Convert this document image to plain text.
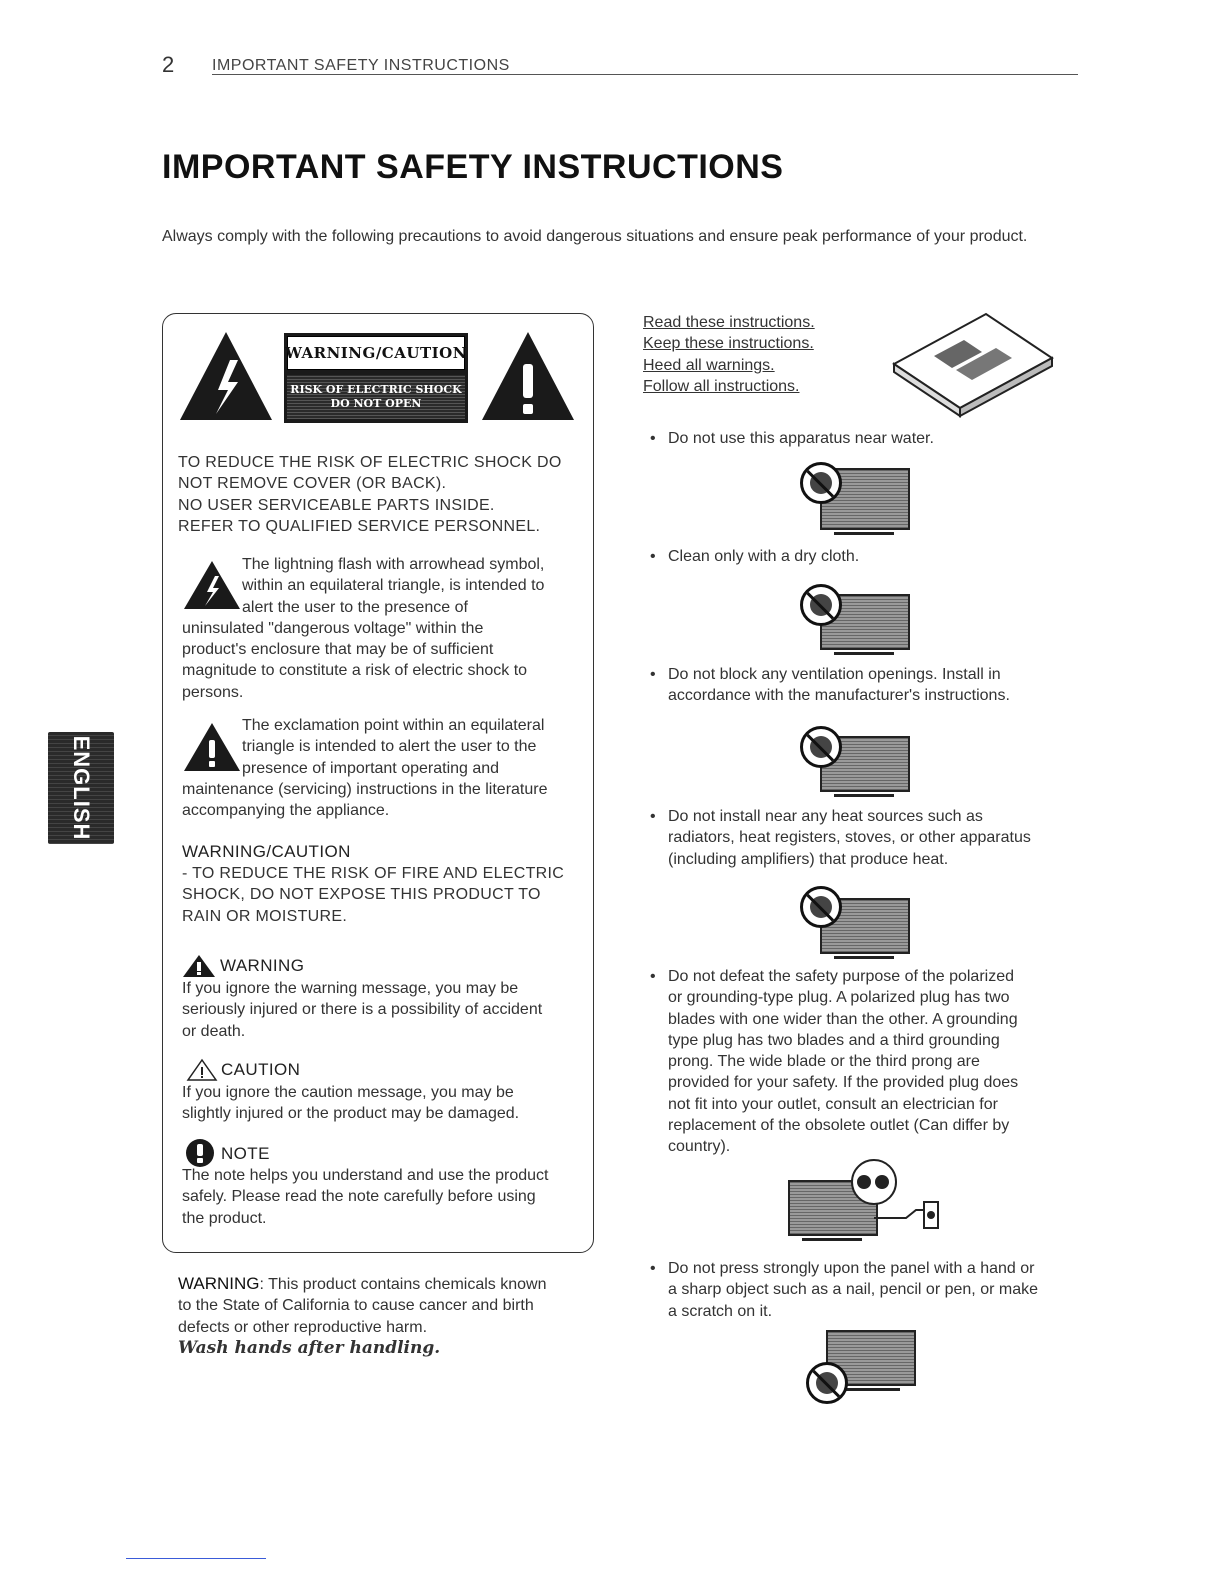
2 IMPORTANT SAFETY INSTRUCTIONS
IMPORTANT SAFETY INSTRUCTIONS
Always comply with the following precautions to avoid dangerous situations and ensure peak performance of your product.
ENGLISH
WARNING/CAUTION
RISK OF ELECTRIC SHOCK
DO NOT OPEN
TO REDUCE THE RISK OF ELECTRIC SHOCK DO
NOT REMOVE COVER (OR BACK).
NO USER SERVICEABLE PARTS INSIDE.
REFER TO QUALIFIED SERVICE PERSONNEL.
The lightning flash with arrowhead symbol,
within an equilateral triangle, is intended to
alert the user to the presence of
uninsulated "dangerous voltage" within the
product's enclosure that may be of sufficient
magnitude to constitute a risk of electric shock to
persons.
The exclamation point within an equilateral
triangle is intended to alert the user to the
presence of important operating and
maintenance (servicing) instructions in the literature
accompanying the appliance.
WARNING/CAUTION
- TO REDUCE THE RISK OF FIRE AND ELECTRIC
SHOCK, DO NOT EXPOSE THIS PRODUCT TO
RAIN OR MOISTURE.
WARNING
If you ignore the warning message, you may be
seriously injured or there is a possibility of accident
or death.
CAUTION
If you ignore the caution message, you may be
slightly injured or the product may be damaged.
NOTE
The note helps you understand and use the product
safely. Please read the note carefully before using
the product.
WARNING: This product contains chemicals known
to the State of California to cause cancer and birth
defects or other reproductive harm.
Wash hands after handling.
Read these instructions.
Keep these instructions.
Heed all warnings.
Follow all instructions.
• Do not use this apparatus near water.
• Clean only with a dry cloth.
• Do not block any ventilation openings. Install in
accordance with the manufacturer's instructions.
• Do not install near any heat sources such as
radiators, heat registers, stoves, or other apparatus
(including amplifiers) that produce heat.
• Do not defeat the safety purpose of the polarized
or grounding-type plug. A polarized plug has two
blades with one wider than the other. A grounding
type plug has two blades and a third grounding
prong. The wide blade or the third prong are
provided for your safety. If the provided plug does
not fit into your outlet, consult an electrician for
replacement of the obsolete outlet (Can differ by
country).
• Do not press strongly upon the panel with a hand or
a sharp object such as a nail, pencil or pen, or make
a scratch on it.
